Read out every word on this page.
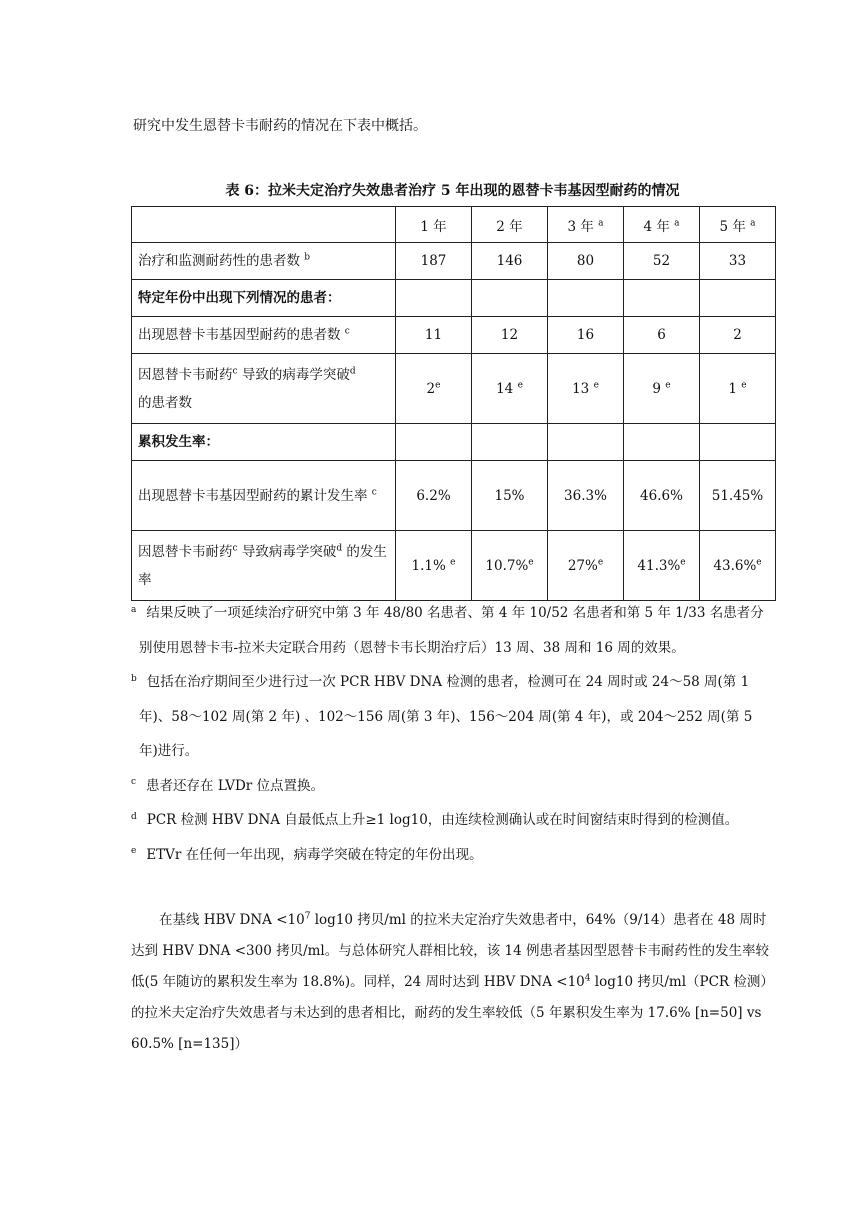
研究中发生恩替卡韦耐药的情况在下表中概括。
表 6：拉米夫定治疗失效患者治疗 5 年出现的恩替卡韦基因型耐药的情况
	1 年	2 年	3 年 $^a$	4 年 $^a$	5 年 $^a$
治疗和监测耐药性的患者数 $^b$	187	146	80	52	33
特定年份中出现下列情况的患者：					
出现恩替卡韦基因型耐药的患者数 $^c$	11	12	16	6	2
因恩替卡韦耐药$^c$ 导致的病毒学突破$^d$
的患者数	2e	14 $^e$	13 $^e$	9 $^e$	1 $^e$
累积发生率：					
出现恩替卡韦基因型耐药的累计发生率 $^c$	6.2%	15%	36.3%	46.6%	51.45%
因恩替卡韦耐药$^c$ 导致病毒学突破$^d$ 的发生率	1.1% $^e$	10.7%$^e$	27%$^e$	41.3%$^e$	43.6%$^e$
$^a$ 结果反映了一项延续治疗研究中第 3 年 48/80 名患者、第 4 年 10/52 名患者和第 5 年 1/33 名患者分别使用恩替卡韦-拉米夫定联合用药（恩替卡韦长期治疗后）13 周、38 周和 16 周的效果。
$^b$ 包括在治疗期间至少进行过一次 PCR HBV DNA 检测的患者，检测可在 24 周时或 24～58 周(第 1 年)、58～102 周(第 2 年) 、102～156 周(第 3 年)、156～204 周(第 4 年)，或 204～252 周(第 5 年)进行。
$^c$ 患者还存在 LVDr 位点置换。
$^d$ PCR 检测 HBV DNA 自最低点上升≥1 log10，由连续检测确认或在时间窗结束时得到的检测值。
$^e$ ETVr 在任何一年出现，病毒学突破在特定的年份出现。
在基线 HBV DNA $<10^7$ log10 拷贝/ml 的拉米夫定治疗失效患者中，64%（9/14）患者在 48 周时达到 HBV DNA <300 拷贝/ml。与总体研究人群相比较，该 14 例患者基因型恩替卡韦耐药性的发生率较低(5 年随访的累积发生率为 18.8%)。同样，24 周时达到 HBV DNA $<10^4$ log10 拷贝/ml（PCR 检测）的拉米夫定治疗失效患者与未达到的患者相比，耐药的发生率较低（5 年累积发生率为 17.6% [n=50] vs 60.5% [n=135]）
